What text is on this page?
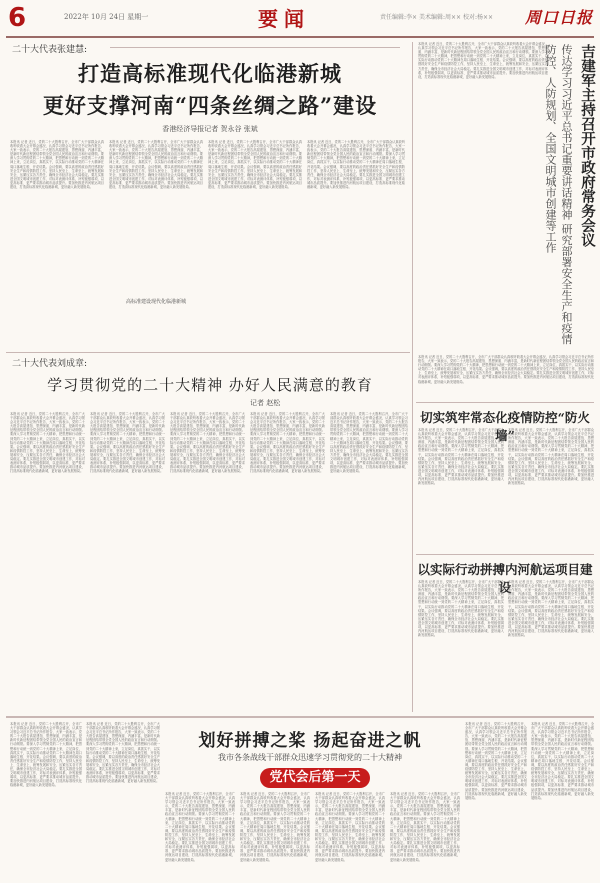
6	2022年 10月 24日 星期一	要闻	责任编辑:李× 美术编辑:周×× 校对:杨×× 周口日报
二十大代表张建慧:
打造高标准现代化临港新城
更好支撑河南“四条丝绸之路”建设
香港经济导报记者 贺永谷 张斌
本报讯 记者 近日，党的二十大胜利召开，全市广大干部群众认真收听收看大会开幕会盛况，认真学习领会习近平总书记所作报告，大家一致表示，党的二十大报告高屋建瓴、思想深邃、内涵丰富，是新时代新征程团结带领全党全国人民的政治宣言和行动纲领。要深入学习贯彻党的二十大精神，把思想和行动统一到党的二十大精神上来，立足岗位，真抓实干，以实际行动推动党的二十大精神在周口落地生根、开花结果。会议强调，要以高度的政治责任感抓好安全生产和疫情防控工作，坚持人民至上、生命至上，统筹发展和安全，压紧压实各方责任，确保全市经济社会大局稳定。要扎实推进全国文明城市创建工作，对标对表测评体系，补短板强弱项，以更高标准、更严要求推动城市品质提升。要加快推进内河航运项目建设，打造高标准现代化临港新城，更好融入新发展格局。
本报讯 记者 近日，党的二十大胜利召开，全市广大干部群众认真收听收看大会开幕会盛况，认真学习领会习近平总书记所作报告，大家一致表示，党的二十大报告高屋建瓴、思想深邃、内涵丰富，是新时代新征程团结带领全党全国人民的政治宣言和行动纲领。要深入学习贯彻党的二十大精神，把思想和行动统一到党的二十大精神上来，立足岗位，真抓实干，以实际行动推动党的二十大精神在周口落地生根、开花结果。会议强调，要以高度的政治责任感抓好安全生产和疫情防控工作，坚持人民至上、生命至上，统筹发展和安全，压紧压实各方责任，确保全市经济社会大局稳定。要扎实推进全国文明城市创建工作，对标对表测评体系，补短板强弱项，以更高标准、更严要求推动城市品质提升。要加快推进内河航运项目建设，打造高标准现代化临港新城，更好融入新发展格局。
高标准建设现代化临港新城
本报讯 记者 近日，党的二十大胜利召开，全市广大干部群众认真收听收看大会开幕会盛况，认真学习领会习近平总书记所作报告，大家一致表示，党的二十大报告高屋建瓴、思想深邃、内涵丰富，是新时代新征程团结带领全党全国人民的政治宣言和行动纲领。要深入学习贯彻党的二十大精神，把思想和行动统一到党的二十大精神上来，立足岗位，真抓实干，以实际行动推动党的二十大精神在周口落地生根、开花结果。会议强调，要以高度的政治责任感抓好安全生产和疫情防控工作，坚持人民至上、生命至上，统筹发展和安全，压紧压实各方责任，确保全市经济社会大局稳定。要扎实推进全国文明城市创建工作，对标对表测评体系，补短板强弱项，以更高标准、更严要求推动城市品质提升。要加快推进内河航运项目建设，打造高标准现代化临港新城，更好融入新发展格局。
本报讯 记者 近日，党的二十大胜利召开，全市广大干部群众认真收听收看大会开幕会盛况，认真学习领会习近平总书记所作报告，大家一致表示，党的二十大报告高屋建瓴、思想深邃、内涵丰富，是新时代新征程团结带领全党全国人民的政治宣言和行动纲领。要深入学习贯彻党的二十大精神，把思想和行动统一到党的二十大精神上来，立足岗位，真抓实干，以实际行动推动党的二十大精神在周口落地生根、开花结果。会议强调，要以高度的政治责任感抓好安全生产和疫情防控工作，坚持人民至上、生命至上，统筹发展和安全，压紧压实各方责任，确保全市经济社会大局稳定。要扎实推进全国文明城市创建工作，对标对表测评体系，补短板强弱项，以更高标准、更严要求推动城市品质提升。要加快推进内河航运项目建设，打造高标准现代化临港新城，更好融入新发展格局。
二十大代表刘成章:
学习贯彻党的二十大精神 办好人民满意的教育
记者 赵松
本报讯 记者 近日，党的二十大胜利召开，全市广大干部群众认真收听收看大会开幕会盛况，认真学习领会习近平总书记所作报告，大家一致表示，党的二十大报告高屋建瓴、思想深邃、内涵丰富，是新时代新征程团结带领全党全国人民的政治宣言和行动纲领。要深入学习贯彻党的二十大精神，把思想和行动统一到党的二十大精神上来，立足岗位，真抓实干，以实际行动推动党的二十大精神在周口落地生根、开花结果。会议强调，要以高度的政治责任感抓好安全生产和疫情防控工作，坚持人民至上、生命至上，统筹发展和安全，压紧压实各方责任，确保全市经济社会大局稳定。要扎实推进全国文明城市创建工作，对标对表测评体系，补短板强弱项，以更高标准、更严要求推动城市品质提升。要加快推进内河航运项目建设，打造高标准现代化临港新城，更好融入新发展格局。
本报讯 记者 近日，党的二十大胜利召开，全市广大干部群众认真收听收看大会开幕会盛况，认真学习领会习近平总书记所作报告，大家一致表示，党的二十大报告高屋建瓴、思想深邃、内涵丰富，是新时代新征程团结带领全党全国人民的政治宣言和行动纲领。要深入学习贯彻党的二十大精神，把思想和行动统一到党的二十大精神上来，立足岗位，真抓实干，以实际行动推动党的二十大精神在周口落地生根、开花结果。会议强调，要以高度的政治责任感抓好安全生产和疫情防控工作，坚持人民至上、生命至上，统筹发展和安全，压紧压实各方责任，确保全市经济社会大局稳定。要扎实推进全国文明城市创建工作，对标对表测评体系，补短板强弱项，以更高标准、更严要求推动城市品质提升。要加快推进内河航运项目建设，打造高标准现代化临港新城，更好融入新发展格局。
本报讯 记者 近日，党的二十大胜利召开，全市广大干部群众认真收听收看大会开幕会盛况，认真学习领会习近平总书记所作报告，大家一致表示，党的二十大报告高屋建瓴、思想深邃、内涵丰富，是新时代新征程团结带领全党全国人民的政治宣言和行动纲领。要深入学习贯彻党的二十大精神，把思想和行动统一到党的二十大精神上来，立足岗位，真抓实干，以实际行动推动党的二十大精神在周口落地生根、开花结果。会议强调，要以高度的政治责任感抓好安全生产和疫情防控工作，坚持人民至上、生命至上，统筹发展和安全，压紧压实各方责任，确保全市经济社会大局稳定。要扎实推进全国文明城市创建工作，对标对表测评体系，补短板强弱项，以更高标准、更严要求推动城市品质提升。要加快推进内河航运项目建设，打造高标准现代化临港新城，更好融入新发展格局。
本报讯 记者 近日，党的二十大胜利召开，全市广大干部群众认真收听收看大会开幕会盛况，认真学习领会习近平总书记所作报告，大家一致表示，党的二十大报告高屋建瓴、思想深邃、内涵丰富，是新时代新征程团结带领全党全国人民的政治宣言和行动纲领。要深入学习贯彻党的二十大精神，把思想和行动统一到党的二十大精神上来，立足岗位，真抓实干，以实际行动推动党的二十大精神在周口落地生根、开花结果。会议强调，要以高度的政治责任感抓好安全生产和疫情防控工作，坚持人民至上、生命至上，统筹发展和安全，压紧压实各方责任，确保全市经济社会大局稳定。要扎实推进全国文明城市创建工作，对标对表测评体系，补短板强弱项，以更高标准、更严要求推动城市品质提升。要加快推进内河航运项目建设，打造高标准现代化临港新城，更好融入新发展格局。
本报讯 记者 近日，党的二十大胜利召开，全市广大干部群众认真收听收看大会开幕会盛况，认真学习领会习近平总书记所作报告，大家一致表示，党的二十大报告高屋建瓴、思想深邃、内涵丰富，是新时代新征程团结带领全党全国人民的政治宣言和行动纲领。要深入学习贯彻党的二十大精神，把思想和行动统一到党的二十大精神上来，立足岗位，真抓实干，以实际行动推动党的二十大精神在周口落地生根、开花结果。会议强调，要以高度的政治责任感抓好安全生产和疫情防控工作，坚持人民至上、生命至上，统筹发展和安全，压紧压实各方责任，确保全市经济社会大局稳定。要扎实推进全国文明城市创建工作，对标对表测评体系，补短板强弱项，以更高标准、更严要求推动城市品质提升。要加快推进内河航运项目建设，打造高标准现代化临港新城，更好融入新发展格局。
本报讯 记者 近日，党的二十大胜利召开，全市广大干部群众认真收听收看大会开幕会盛况，认真学习领会习近平总书记所作报告，大家一致表示，党的二十大报告高屋建瓴、思想深邃、内涵丰富，是新时代新征程团结带领全党全国人民的政治宣言和行动纲领。要深入学习贯彻党的二十大精神，把思想和行动统一到党的二十大精神上来，立足岗位，真抓实干，以实际行动推动党的二十大精神在周口落地生根、开花结果。会议强调，要以高度的政治责任感抓好安全生产和疫情防控工作，坚持人民至上、生命至上，统筹发展和安全，压紧压实各方责任，确保全市经济社会大局稳定。要扎实推进全国文明城市创建工作，对标对表测评体系，补短板强弱项，以更高标准、更严要求推动城市品质提升。要加快推进内河航运项目建设，打造高标准现代化临港新城，更好融入新发展格局。	吉建军主持召开市政府常务会议
传达学习习近平总书记重要讲话精神 研究部署安全生产和疫情防控、人防规划、全国文明城市创建等工作
本报讯 记者 近日，党的二十大胜利召开，全市广大干部群众认真收听收看大会开幕会盛况，认真学习领会习近平总书记所作报告，大家一致表示，党的二十大报告高屋建瓴、思想深邃、内涵丰富，是新时代新征程团结带领全党全国人民的政治宣言和行动纲领。要深入学习贯彻党的二十大精神，把思想和行动统一到党的二十大精神上来，立足岗位，真抓实干，以实际行动推动党的二十大精神在周口落地生根、开花结果。会议强调，要以高度的政治责任感抓好安全生产和疫情防控工作，坚持人民至上、生命至上，统筹发展和安全，压紧压实各方责任，确保全市经济社会大局稳定。要扎实推进全国文明城市创建工作，对标对表测评体系，补短板强弱项，以更高标准、更严要求推动城市品质提升。要加快推进内河航运项目建设，打造高标准现代化临港新城，更好融入新发展格局。
切实筑牢常态化疫情防控“防火墙”
本报讯 记者 近日，党的二十大胜利召开，全市广大干部群众认真收听收看大会开幕会盛况，认真学习领会习近平总书记所作报告，大家一致表示，党的二十大报告高屋建瓴、思想深邃、内涵丰富，是新时代新征程团结带领全党全国人民的政治宣言和行动纲领。要深入学习贯彻党的二十大精神，把思想和行动统一到党的二十大精神上来，立足岗位，真抓实干，以实际行动推动党的二十大精神在周口落地生根、开花结果。会议强调，要以高度的政治责任感抓好安全生产和疫情防控工作，坚持人民至上、生命至上，统筹发展和安全，压紧压实各方责任，确保全市经济社会大局稳定。要扎实推进全国文明城市创建工作，对标对表测评体系，补短板强弱项，以更高标准、更严要求推动城市品质提升。要加快推进内河航运项目建设，打造高标准现代化临港新城，更好融入新发展格局。
本报讯 记者 近日，党的二十大胜利召开，全市广大干部群众认真收听收看大会开幕会盛况，认真学习领会习近平总书记所作报告，大家一致表示，党的二十大报告高屋建瓴、思想深邃、内涵丰富，是新时代新征程团结带领全党全国人民的政治宣言和行动纲领。要深入学习贯彻党的二十大精神，把思想和行动统一到党的二十大精神上来，立足岗位，真抓实干，以实际行动推动党的二十大精神在周口落地生根、开花结果。会议强调，要以高度的政治责任感抓好安全生产和疫情防控工作，坚持人民至上、生命至上，统筹发展和安全，压紧压实各方责任，确保全市经济社会大局稳定。要扎实推进全国文明城市创建工作，对标对表测评体系，补短板强弱项，以更高标准、更严要求推动城市品质提升。要加快推进内河航运项目建设，打造高标准现代化临港新城，更好融入新发展格局。
以实际行动拼搏内河航运项目建设
本报讯 记者 近日，党的二十大胜利召开，全市广大干部群众认真收听收看大会开幕会盛况，认真学习领会习近平总书记所作报告，大家一致表示，党的二十大报告高屋建瓴、思想深邃、内涵丰富，是新时代新征程团结带领全党全国人民的政治宣言和行动纲领。要深入学习贯彻党的二十大精神，把思想和行动统一到党的二十大精神上来，立足岗位，真抓实干，以实际行动推动党的二十大精神在周口落地生根、开花结果。会议强调，要以高度的政治责任感抓好安全生产和疫情防控工作，坚持人民至上、生命至上，统筹发展和安全，压紧压实各方责任，确保全市经济社会大局稳定。要扎实推进全国文明城市创建工作，对标对表测评体系，补短板强弱项，以更高标准、更严要求推动城市品质提升。要加快推进内河航运项目建设，打造高标准现代化临港新城，更好融入新发展格局。
本报讯 记者 近日，党的二十大胜利召开，全市广大干部群众认真收听收看大会开幕会盛况，认真学习领会习近平总书记所作报告，大家一致表示，党的二十大报告高屋建瓴、思想深邃、内涵丰富，是新时代新征程团结带领全党全国人民的政治宣言和行动纲领。要深入学习贯彻党的二十大精神，把思想和行动统一到党的二十大精神上来，立足岗位，真抓实干，以实际行动推动党的二十大精神在周口落地生根、开花结果。会议强调，要以高度的政治责任感抓好安全生产和疫情防控工作，坚持人民至上、生命至上，统筹发展和安全，压紧压实各方责任，确保全市经济社会大局稳定。要扎实推进全国文明城市创建工作，对标对表测评体系，补短板强弱项，以更高标准、更严要求推动城市品质提升。要加快推进内河航运项目建设，打造高标准现代化临港新城，更好融入新发展格局。
本报讯 记者 近日，党的二十大胜利召开，全市广大干部群众认真收听收看大会开幕会盛况，认真学习领会习近平总书记所作报告，大家一致表示，党的二十大报告高屋建瓴、思想深邃、内涵丰富，是新时代新征程团结带领全党全国人民的政治宣言和行动纲领。要深入学习贯彻党的二十大精神，把思想和行动统一到党的二十大精神上来，立足岗位，真抓实干，以实际行动推动党的二十大精神在周口落地生根、开花结果。会议强调，要以高度的政治责任感抓好安全生产和疫情防控工作，坚持人民至上、生命至上，统筹发展和安全，压紧压实各方责任，确保全市经济社会大局稳定。要扎实推进全国文明城市创建工作，对标对表测评体系，补短板强弱项，以更高标准、更严要求推动城市品质提升。要加快推进内河航运项目建设，打造高标准现代化临港新城，更好融入新发展格局。
本报讯 记者 近日，党的二十大胜利召开，全市广大干部群众认真收听收看大会开幕会盛况，认真学习领会习近平总书记所作报告，大家一致表示，党的二十大报告高屋建瓴、思想深邃、内涵丰富，是新时代新征程团结带领全党全国人民的政治宣言和行动纲领。要深入学习贯彻党的二十大精神，把思想和行动统一到党的二十大精神上来，立足岗位，真抓实干，以实际行动推动党的二十大精神在周口落地生根、开花结果。会议强调，要以高度的政治责任感抓好安全生产和疫情防控工作，坚持人民至上、生命至上，统筹发展和安全，压紧压实各方责任，确保全市经济社会大局稳定。要扎实推进全国文明城市创建工作，对标对表测评体系，补短板强弱项，以更高标准、更严要求推动城市品质提升。要加快推进内河航运项目建设，打造高标准现代化临港新城，更好融入新发展格局。
划好拼搏之桨 扬起奋进之帆
我市各条战线干部群众迅速学习贯彻党的二十大精神
党代会后第一天
本报讯 记者 近日，党的二十大胜利召开，全市广大干部群众认真收听收看大会开幕会盛况，认真学习领会习近平总书记所作报告，大家一致表示，党的二十大报告高屋建瓴、思想深邃、内涵丰富，是新时代新征程团结带领全党全国人民的政治宣言和行动纲领。要深入学习贯彻党的二十大精神，把思想和行动统一到党的二十大精神上来，立足岗位，真抓实干，以实际行动推动党的二十大精神在周口落地生根、开花结果。会议强调，要以高度的政治责任感抓好安全生产和疫情防控工作，坚持人民至上、生命至上，统筹发展和安全，压紧压实各方责任，确保全市经济社会大局稳定。要扎实推进全国文明城市创建工作，对标对表测评体系，补短板强弱项，以更高标准、更严要求推动城市品质提升。要加快推进内河航运项目建设，打造高标准现代化临港新城，更好融入新发展格局。
本报讯 记者 近日，党的二十大胜利召开，全市广大干部群众认真收听收看大会开幕会盛况，认真学习领会习近平总书记所作报告，大家一致表示，党的二十大报告高屋建瓴、思想深邃、内涵丰富，是新时代新征程团结带领全党全国人民的政治宣言和行动纲领。要深入学习贯彻党的二十大精神，把思想和行动统一到党的二十大精神上来，立足岗位，真抓实干，以实际行动推动党的二十大精神在周口落地生根、开花结果。会议强调，要以高度的政治责任感抓好安全生产和疫情防控工作，坚持人民至上、生命至上，统筹发展和安全，压紧压实各方责任，确保全市经济社会大局稳定。要扎实推进全国文明城市创建工作，对标对表测评体系，补短板强弱项，以更高标准、更严要求推动城市品质提升。要加快推进内河航运项目建设，打造高标准现代化临港新城，更好融入新发展格局。
本报讯 记者 近日，党的二十大胜利召开，全市广大干部群众认真收听收看大会开幕会盛况，认真学习领会习近平总书记所作报告，大家一致表示，党的二十大报告高屋建瓴、思想深邃、内涵丰富，是新时代新征程团结带领全党全国人民的政治宣言和行动纲领。要深入学习贯彻党的二十大精神，把思想和行动统一到党的二十大精神上来，立足岗位，真抓实干，以实际行动推动党的二十大精神在周口落地生根、开花结果。会议强调，要以高度的政治责任感抓好安全生产和疫情防控工作，坚持人民至上、生命至上，统筹发展和安全，压紧压实各方责任，确保全市经济社会大局稳定。要扎实推进全国文明城市创建工作，对标对表测评体系，补短板强弱项，以更高标准、更严要求推动城市品质提升。要加快推进内河航运项目建设，打造高标准现代化临港新城，更好融入新发展格局。
本报讯 记者 近日，党的二十大胜利召开，全市广大干部群众认真收听收看大会开幕会盛况，认真学习领会习近平总书记所作报告，大家一致表示，党的二十大报告高屋建瓴、思想深邃、内涵丰富，是新时代新征程团结带领全党全国人民的政治宣言和行动纲领。要深入学习贯彻党的二十大精神，把思想和行动统一到党的二十大精神上来，立足岗位，真抓实干，以实际行动推动党的二十大精神在周口落地生根、开花结果。会议强调，要以高度的政治责任感抓好安全生产和疫情防控工作，坚持人民至上、生命至上，统筹发展和安全，压紧压实各方责任，确保全市经济社会大局稳定。要扎实推进全国文明城市创建工作，对标对表测评体系，补短板强弱项，以更高标准、更严要求推动城市品质提升。要加快推进内河航运项目建设，打造高标准现代化临港新城，更好融入新发展格局。
本报讯 记者 近日，党的二十大胜利召开，全市广大干部群众认真收听收看大会开幕会盛况，认真学习领会习近平总书记所作报告，大家一致表示，党的二十大报告高屋建瓴、思想深邃、内涵丰富，是新时代新征程团结带领全党全国人民的政治宣言和行动纲领。要深入学习贯彻党的二十大精神，把思想和行动统一到党的二十大精神上来，立足岗位，真抓实干，以实际行动推动党的二十大精神在周口落地生根、开花结果。会议强调，要以高度的政治责任感抓好安全生产和疫情防控工作，坚持人民至上、生命至上，统筹发展和安全，压紧压实各方责任，确保全市经济社会大局稳定。要扎实推进全国文明城市创建工作，对标对表测评体系，补短板强弱项，以更高标准、更严要求推动城市品质提升。要加快推进内河航运项目建设，打造高标准现代化临港新城，更好融入新发展格局。
本报讯 记者 近日，党的二十大胜利召开，全市广大干部群众认真收听收看大会开幕会盛况，认真学习领会习近平总书记所作报告，大家一致表示，党的二十大报告高屋建瓴、思想深邃、内涵丰富，是新时代新征程团结带领全党全国人民的政治宣言和行动纲领。要深入学习贯彻党的二十大精神，把思想和行动统一到党的二十大精神上来，立足岗位，真抓实干，以实际行动推动党的二十大精神在周口落地生根、开花结果。会议强调，要以高度的政治责任感抓好安全生产和疫情防控工作，坚持人民至上、生命至上，统筹发展和安全，压紧压实各方责任，确保全市经济社会大局稳定。要扎实推进全国文明城市创建工作，对标对表测评体系，补短板强弱项，以更高标准、更严要求推动城市品质提升。要加快推进内河航运项目建设，打造高标准现代化临港新城，更好融入新发展格局。
